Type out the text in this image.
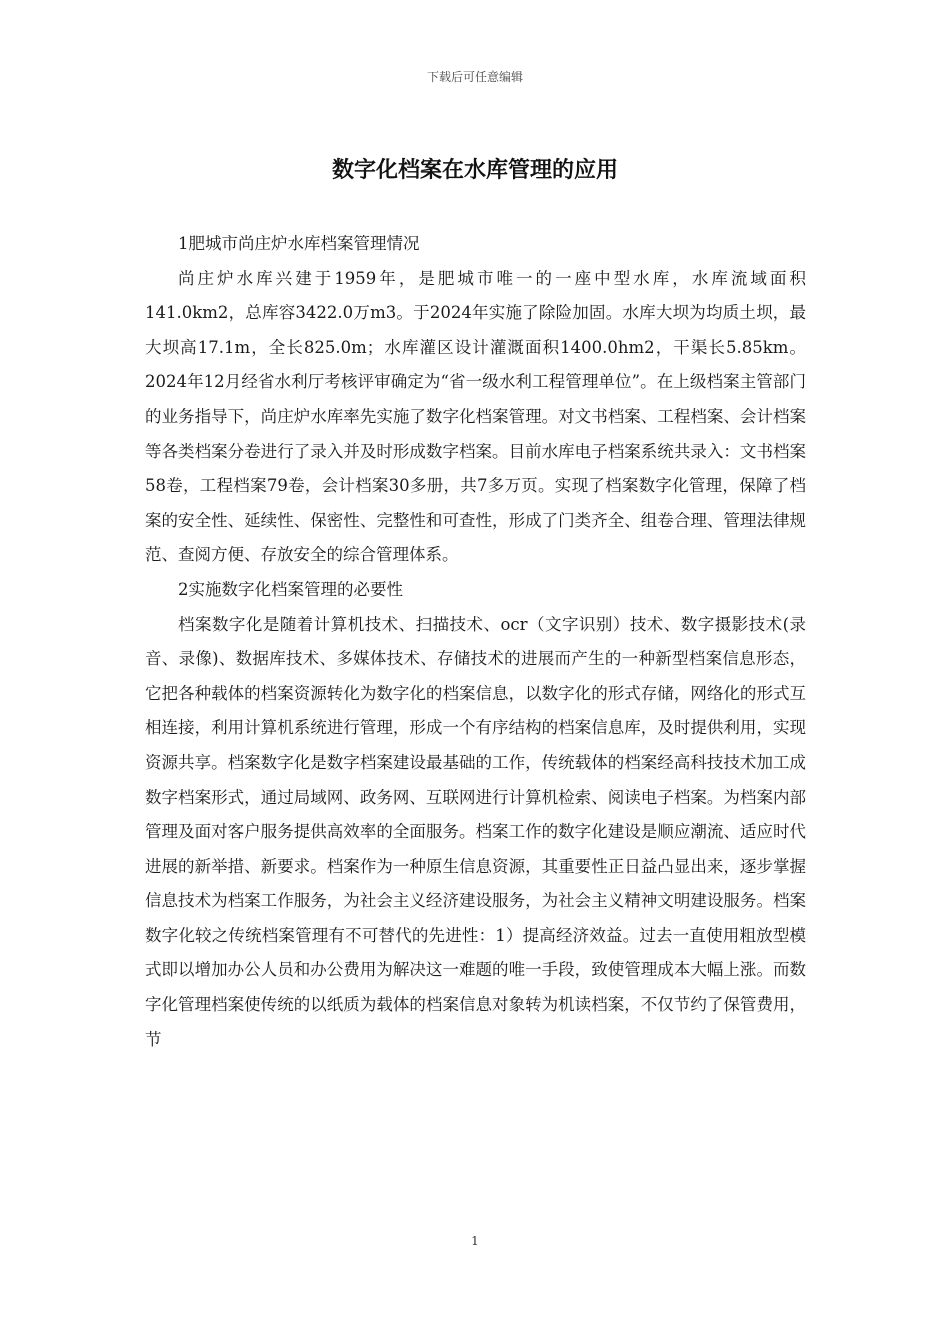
下载后可任意编辑
数字化档案在水库管理的应用

1肥城市尚庄炉水库档案管理情况

尚庄炉水库兴建于1959年，是肥城市唯一的一座中型水库，水库流域面积141.0km2，总库容3422.0万m3。于2024年实施了除险加固。水库大坝为均质土坝，最大坝高17.1m，全长825.0m；水库灌区设计灌溉面积1400.0hm2，干渠长5.85km。2024年12月经省水利厅考核评审确定为“省一级水利工程管理单位”。在上级档案主管部门的业务指导下，尚庄炉水库率先实施了数字化档案管理。对文书档案、工程档案、会计档案等各类档案分卷进行了录入并及时形成数字档案。目前水库电子档案系统共录入：文书档案58卷，工程档案79卷，会计档案30多册，共7多万页。实现了档案数字化管理，保障了档案的安全性、延续性、保密性、完整性和可查性，形成了门类齐全、组卷合理、管理法律规范、查阅方便、存放安全的综合管理体系。

2实施数字化档案管理的必要性

档案数字化是随着计算机技术、扫描技术、ocr（文字识别）技术、数字摄影技术(录音、录像)、数据库技术、多媒体技术、存储技术的进展而产生的一种新型档案信息形态，它把各种载体的档案资源转化为数字化的档案信息，以数字化的形式存储，网络化的形式互相连接，利用计算机系统进行管理，形成一个有序结构的档案信息库，及时提供利用，实现资源共享。档案数字化是数字档案建设最基础的工作，传统载体的档案经高科技技术加工成数字档案形式，通过局域网、政务网、互联网进行计算机检索、阅读电子档案。为档案内部管理及面对客户服务提供高效率的全面服务。档案工作的数字化建设是顺应潮流、适应时代进展的新举措、新要求。档案作为一种原生信息资源，其重要性正日益凸显出来，逐步掌握信息技术为档案工作服务，为社会主义经济建设服务，为社会主义精神文明建设服务。档案数字化较之传统档案管理有不可替代的先进性：1）提高经济效益。过去一直使用粗放型模式即以增加办公人员和办公费用为解决这一难题的唯一手段，致使管理成本大幅上涨。而数字化管理档案使传统的以纸质为载体的档案信息对象转为机读档案，不仅节约了保管费用，节

1
